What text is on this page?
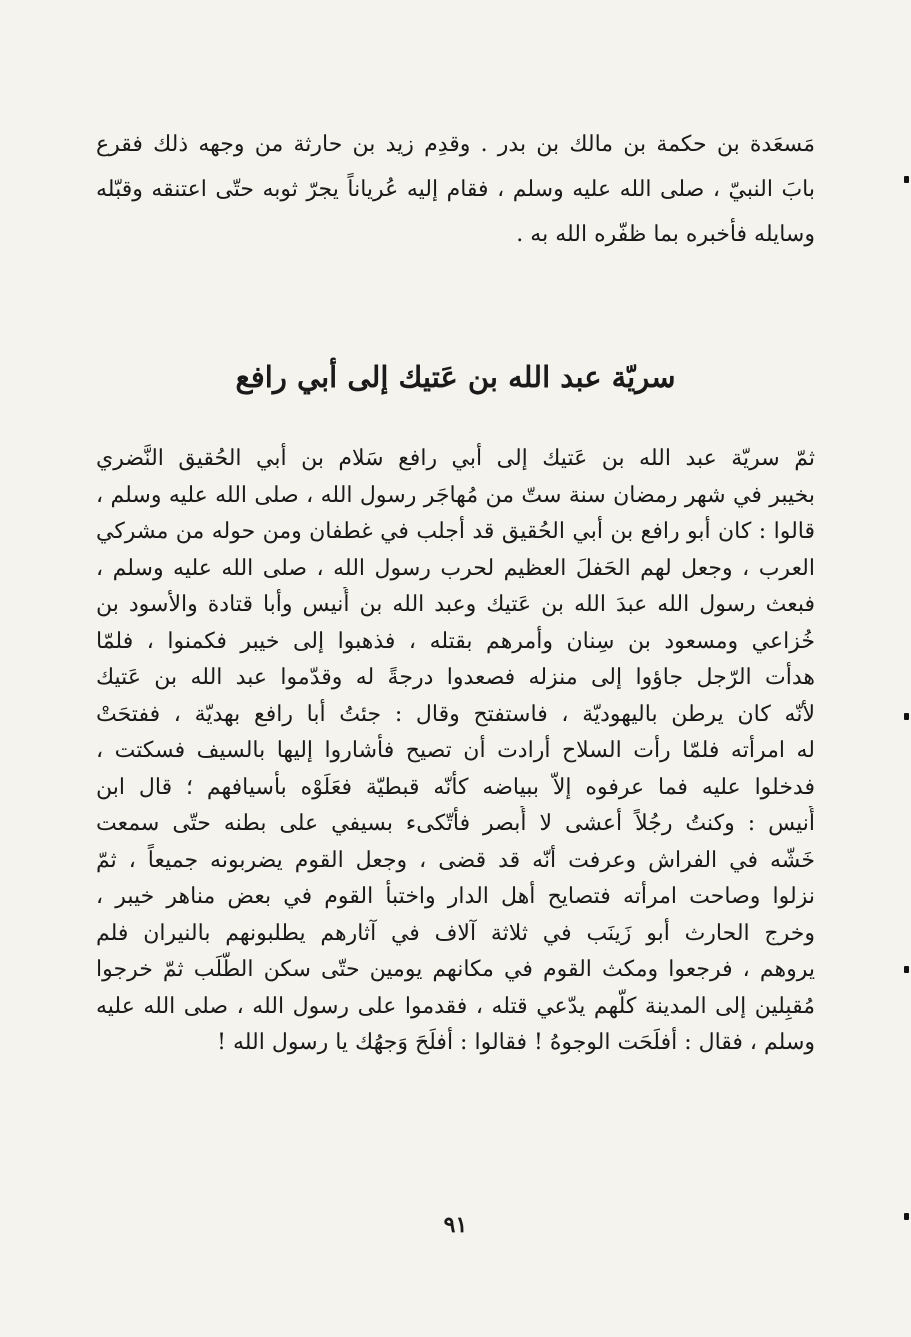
مَسعَدة بن حكمة بن مالك بن بدر . وقدِم زيد بن حارثة من وجهه ذلك فقرع
بابَ النبيّ ، صلى الله عليه وسلم ، فقام إليه عُرياناً يجرّ ثوبه حتّى اعتنقه وقبّله
وسايله فأخبره بما ظفّره الله به .
سريّة عبد الله بن عَتيك إلى أبي رافع
ثمّ سريّة عبد الله بن عَتيك إلى أبي رافع سَلام بن أبي الحُقيق النَّضري
بخيبر في شهر رمضان سنة ستّ من مُهاجَر رسول الله ، صلى الله عليه وسلم ،
قالوا : كان أبو رافع بن أبي الحُقيق قد أجلب في غطفان ومن حوله من مشركي
العرب ، وجعل لهم الحَفلَ العظيم لحرب رسول الله ، صلى الله عليه وسلم ،
فبعث رسول الله عبدَ الله بن عَتيك وعبد الله بن أُنيس وأبا قتادة والأسود بن
خُزاعي ومسعود بن سِنان وأمرهم بقتله ، فذهبوا إلى خيبر فكمنوا ، فلمّا
هدأت الرّجل جاؤوا إلى منزله فصعدوا درجةً له وقدّموا عبد الله بن عَتيك
لأنّه كان يرطن باليهوديّة ، فاستفتح وقال : جئتُ أبا رافع بهديّة ، ففتحَتْ
له امرأته فلمّا رأت السلاح أرادت أن تصيح فأشاروا إليها بالسيف فسكتت ،
فدخلوا عليه فما عرفوه إلاّ ببياضه كأنّه قبطيّة فعَلَوْه بأسيافهم ؛ قال ابن
أُنيس : وكنتُ رجُلاً أعشى لا أُبصر فأتّكىء بسيفي على بطنه حتّى سمعت
خَشّه في الفراش وعرفت أنّه قد قضى ، وجعل القوم يضربونه جميعاً ، ثمّ
نزلوا وصاحت امرأته فتصايح أهل الدار واختبأ القوم في بعض مناهر خيبر ،
وخرج الحارث أبو زَينَب في ثلاثة آلاف في آثارهم يطلبونهم بالنيران فلم
يروهم ، فرجعوا ومكث القوم في مكانهم يومين حتّى سكن الطّلَب ثمّ خرجوا
مُقبِلين إلى المدينة كلّهم يدّعي قتله ، فقدموا على رسول الله ، صلى الله عليه
وسلم ، فقال : أفلَحَت الوجوهُ ! فقالوا : أفلَحَ وَجهُك يا رسول الله !
٩١
